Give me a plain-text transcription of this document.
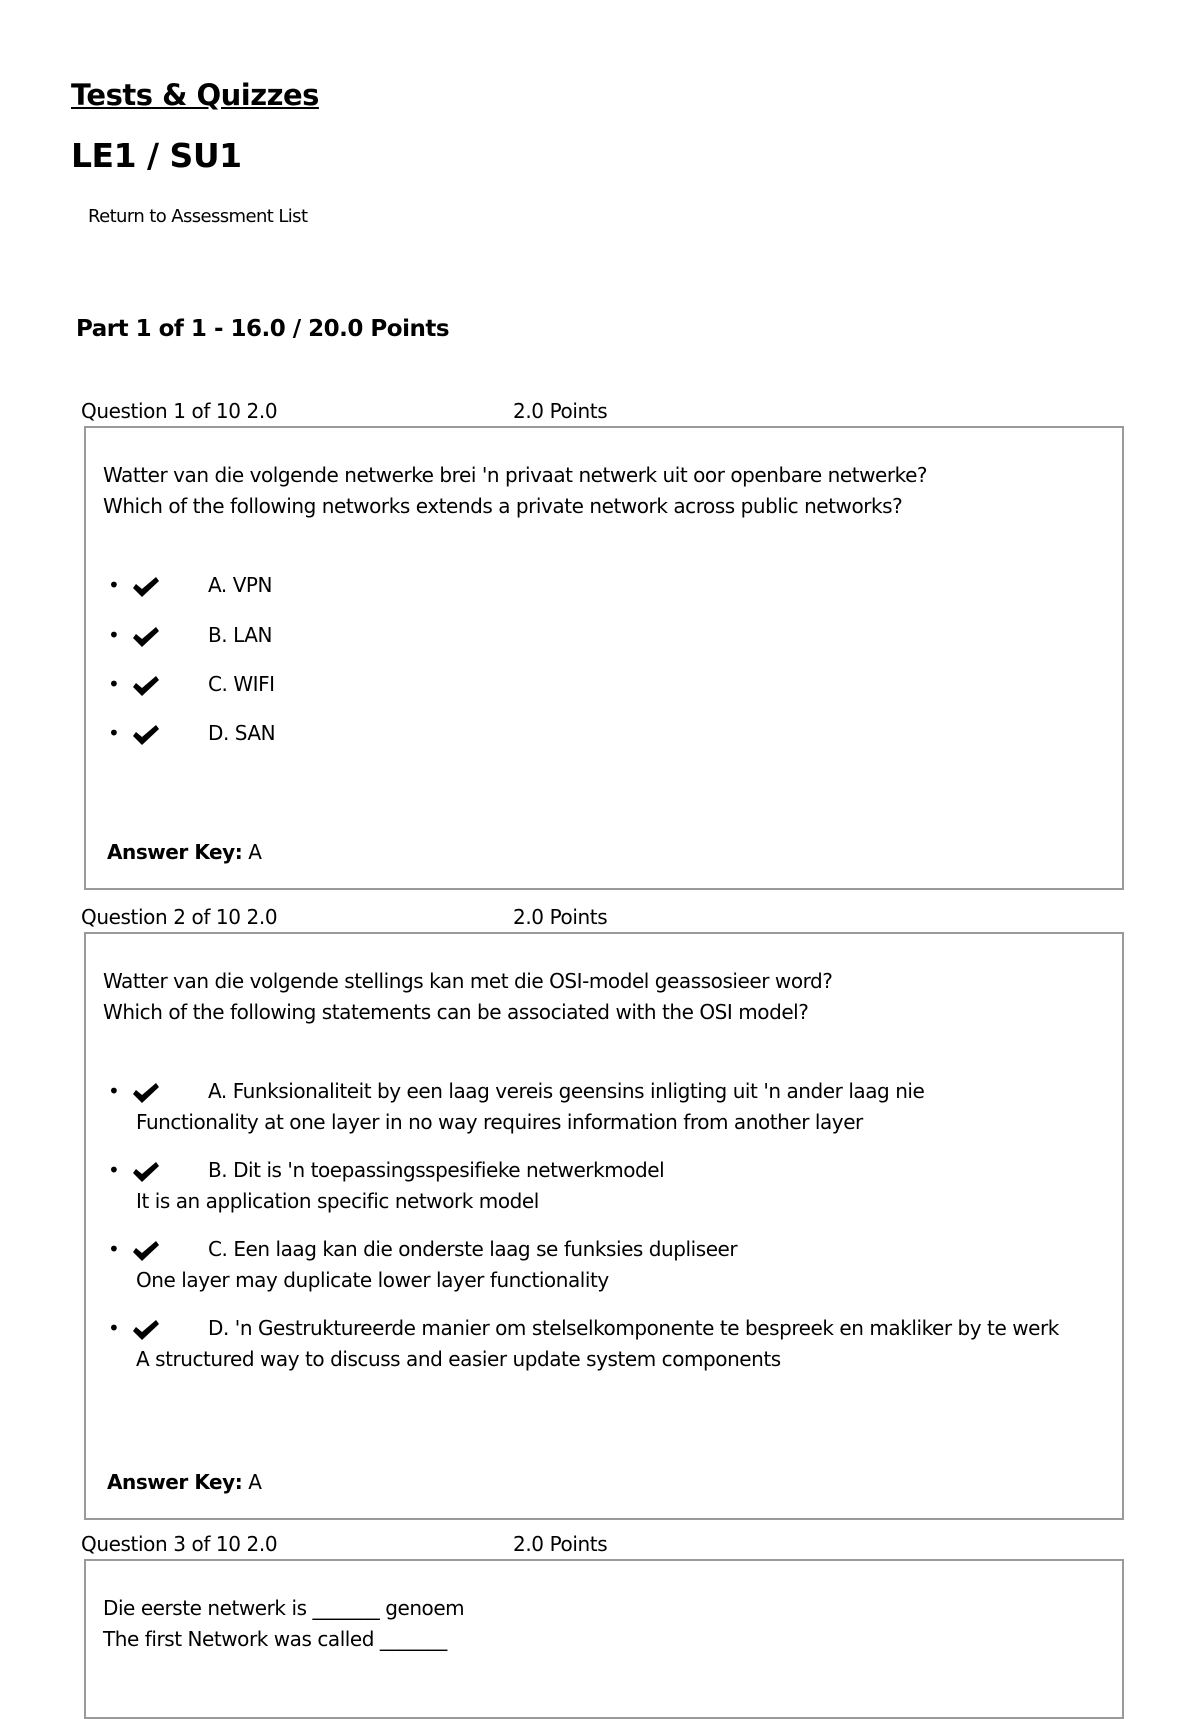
Tests & Quizzes
LE1 / SU1
Return to Assessment List
Part 1 of 1 - 16.0 / 20.0 Points
Question 1 of 10 2.0	2.0 Points
Watter van die volgende netwerke brei 'n privaat netwerk uit oor openbare netwerke?
Which of the following networks extends a private network across public networks?
•	A. VPN
•	B. LAN
•	C. WIFI
•	D. SAN
Answer Key: A
Question 2 of 10 2.0	2.0 Points
Watter van die volgende stellings kan met die OSI-model geassosieer word?
Which of the following statements can be associated with the OSI model?
•	A. Funksionaliteit by een laag vereis geensins inligting uit 'n ander laag nie
Functionality at one layer in no way requires information from another layer
•	B. Dit is 'n toepassingsspesifieke netwerkmodel
It is an application specific network model
•	C. Een laag kan die onderste laag se funksies dupliseer
One layer may duplicate lower layer functionality
•	D. 'n Gestruktureerde manier om stelselkomponente te bespreek en makliker by te werk
A structured way to discuss and easier update system components
Answer Key: A
Question 3 of 10 2.0	2.0 Points
Die eerste netwerk is _______ genoem
The first Network was called _______
